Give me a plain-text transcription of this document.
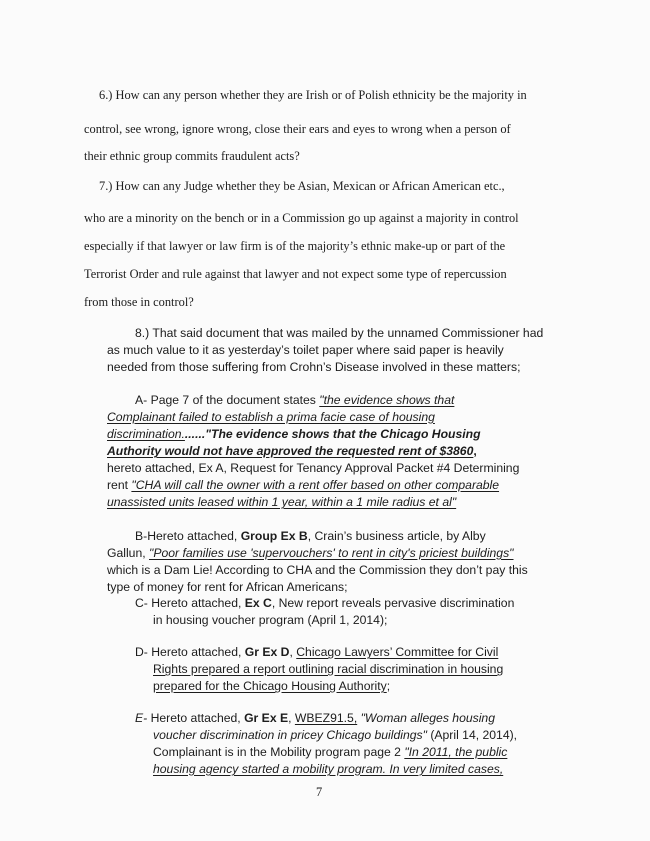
6.) How can any person whether they are Irish or of Polish ethnicity be the majority in
control, see wrong, ignore wrong, close their ears and eyes to wrong when a person of
their ethnic group commits fraudulent acts?
7.) How can any Judge whether they be Asian, Mexican or African American etc.,
who are a minority on the bench or in a Commission go up against a majority in control
especially if that lawyer or law firm is of the majority’s ethnic make-up or part of the
Terrorist Order and rule against that lawyer and not expect some type of repercussion
from those in control?
8.) That said document that was mailed by the unnamed Commissioner had
as much value to it as yesterday’s toilet paper where said paper is heavily
needed from those suffering from Crohn’s Disease involved in these matters;
A- Page 7 of the document states "the evidence shows that
Complainant failed to establish a prima facie case of housing
discrimination......."The evidence shows that the Chicago Housing
Authority would not have approved the requested rent of $3860,
hereto attached, Ex A, Request for Tenancy Approval Packet #4 Determining
rent "CHA will call the owner with a rent offer based on other comparable
unassisted units leased within 1 year, within a 1 mile radius et al"
B-Hereto attached, Group Ex B, Crain’s business article, by Alby
Gallun, "Poor families use 'supervouchers' to rent in city's priciest buildings"
which is a Dam Lie! According to CHA and the Commission they don’t pay this
type of money for rent for African Americans;
C- Hereto attached, Ex C, New report reveals pervasive discrimination
in housing voucher program (April 1, 2014);
D- Hereto attached, Gr Ex D, Chicago Lawyers’ Committee for Civil
Rights prepared a report outlining racial discrimination in housing
prepared for the Chicago Housing Authority;
E- Hereto attached, Gr Ex E, WBEZ91.5, "Woman alleges housing
voucher discrimination in pricey Chicago buildings" (April 14, 2014),
Complainant is in the Mobility program page 2 "In 2011, the public
housing agency started a mobility program. In very limited cases,
7
